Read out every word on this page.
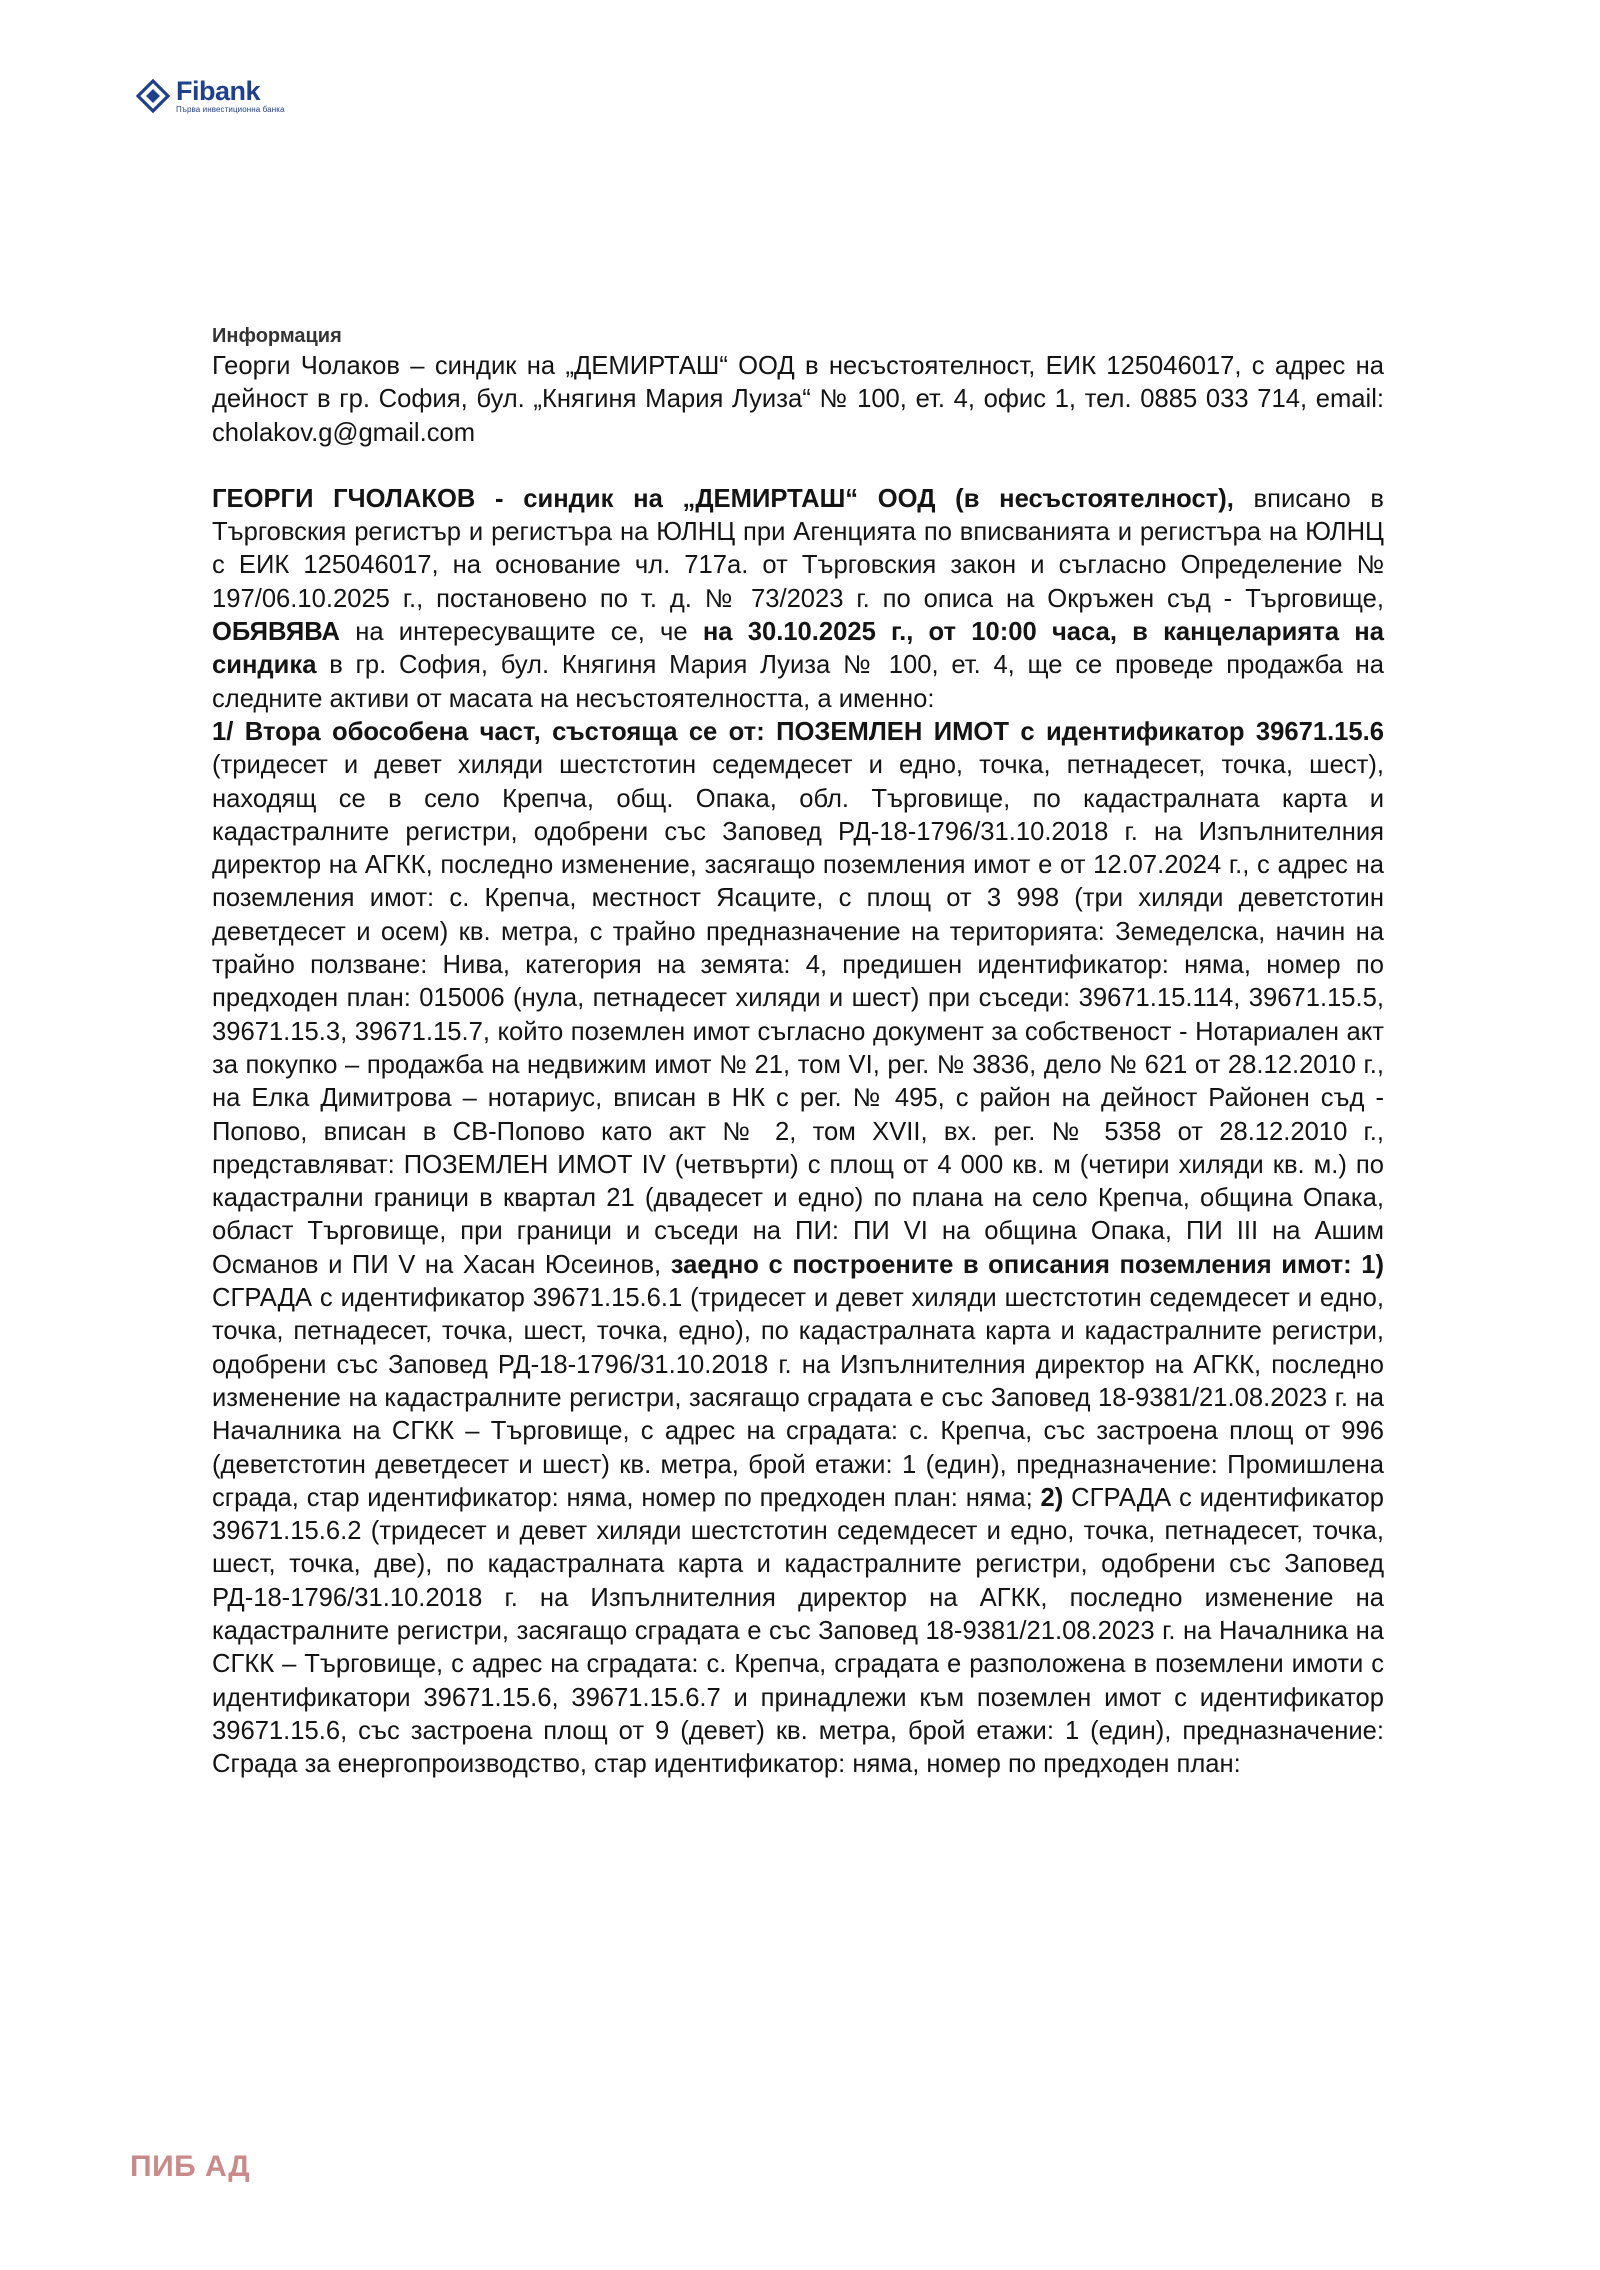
Fibank
Първа инвестиционна банка

Информация

Георги Чолаков – синдик на „ДЕМИРТАШ“ ООД в несъстоятелност, ЕИК 125046017, с адрес на дейност в гр. София, бул. „Княгиня Мария Луиза“ № 100, ет. 4, офис 1, тел. 0885 033 714, email: cholakov.g@gmail.com

ГЕОРГИ ГЧОЛАКОВ - синдик на „ДЕМИРТАШ“ ООД (в несъстоятелност), вписано в Търговския регистър и регистъра на ЮЛНЦ при Агенцията по вписванията и регистъра на ЮЛНЦ с ЕИК 125046017, на основание чл. 717а. от Търговския закон и съгласно Определение № 197/06.10.2025 г., постановено по т. д. № 73/2023 г. по описа на Окръжен съд - Търговище, ОБЯВЯВА на интересуващите се, че на 30.10.2025 г., от 10:00 часа, в канцеларията на синдика в гр. София, бул. Княгиня Мария Луиза № 100, ет. 4, ще се проведе продажба на следните активи от масата на несъстоятелността, а именно:

1/ Втора обособена част, състояща се от: ПОЗЕМЛЕН ИМОТ с идентификатор 39671.15.6 (тридесет и девет хиляди шестстотин седемдесет и едно, точка, петнадесет, точка, шест), находящ се в село Крепча, общ. Опака, обл. Търговище, по кадастралната карта и кадастралните регистри, одобрени със Заповед РД-18-1796/31.10.2018 г. на Изпълнителния директор на АГКК, последно изменение, засягащо поземления имот е от 12.07.2024 г., с адрес на поземления имот: с. Крепча, местност Ясаците, с площ от 3 998 (три хиляди деветстотин деветдесет и осем) кв. метра, с трайно предназначение на територията: Земеделска, начин на трайно ползване: Нива, категория на земята: 4, предишен идентификатор: няма, номер по предходен план: 015006 (нула, петнадесет хиляди и шест) при съседи: 39671.15.114, 39671.15.5, 39671.15.3, 39671.15.7, който поземлен имот съгласно документ за собственост - Нотариален акт за покупко – продажба на недвижим имот № 21, том VI, рег. № 3836, дело № 621 от 28.12.2010 г., на Елка Димитрова – нотариус, вписан в НК с рег. № 495, с район на дейност Районен съд - Попово, вписан в СВ-Попово като акт № 2, том XVII, вх. рег. № 5358 от 28.12.2010 г., представляват: ПОЗЕМЛЕН ИМОТ IV (четвърти) с площ от 4 000 кв. м (четири хиляди кв. м.) по кадастрални граници в квартал 21 (двадесет и едно) по плана на село Крепча, община Опака, област Търговище, при граници и съседи на ПИ: ПИ VI на община Опака, ПИ III на Ашим Османов и ПИ V на Хасан Юсеинов, заедно с построените в описания поземления имот: 1) СГРАДА с идентификатор 39671.15.6.1 (тридесет и девет хиляди шестстотин седемдесет и едно, точка, петнадесет, точка, шест, точка, едно), по кадастралната карта и кадастралните регистри, одобрени със Заповед РД-18-1796/31.10.2018 г. на Изпълнителния директор на АГКК, последно изменение на кадастралните регистри, засягащо сградата е със Заповед 18-9381/21.08.2023 г. на Началника на СГКК – Търговище, с адрес на сградата: с. Крепча, със застроена площ от 996 (деветстотин деветдесет и шест) кв. метра, брой етажи: 1 (един), предназначение: Промишлена сграда, стар идентификатор: няма, номер по предходен план: няма; 2) СГРАДА с идентификатор 39671.15.6.2 (тридесет и девет хиляди шестстотин седемдесет и едно, точка, петнадесет, точка, шест, точка, две), по кадастралната карта и кадастралните регистри, одобрени със Заповед РД-18-1796/31.10.2018 г. на Изпълнителния директор на АГКК, последно изменение на кадастралните регистри, засягащо сградата е със Заповед 18-9381/21.08.2023 г. на Началника на СГКК – Търговище, с адрес на сградата: с. Крепча, сградата е разположена в поземлени имоти с идентификатори 39671.15.6, 39671.15.6.7 и принадлежи към поземлен имот с идентификатор 39671.15.6, със застроена площ от 9 (девет) кв. метра, брой етажи: 1 (един), предназначение: Сграда за енергопроизводство, стар идентификатор: няма, номер по предходен план:

ПИБ АД
